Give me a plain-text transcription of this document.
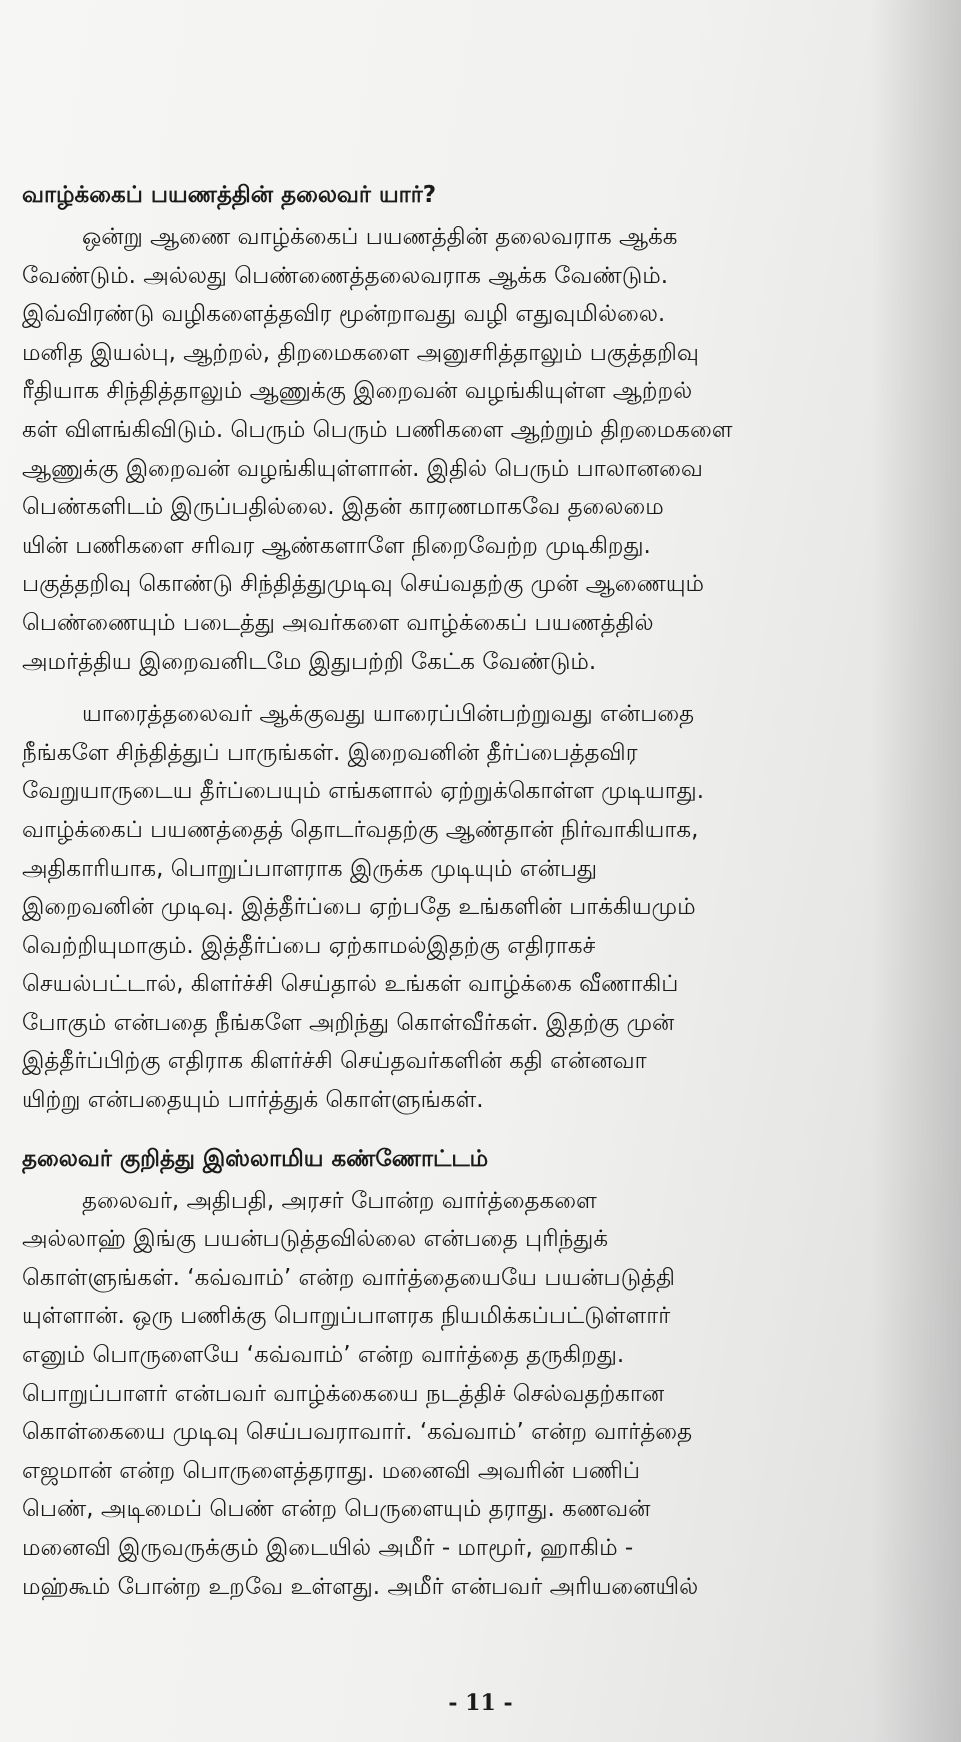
வாழ்க்கைப் பயணத்தின் தலைவர் யார்?
ஒன்று ஆணை வாழ்க்கைப் பயணத்தின் தலைவராக ஆக்க
வேண்டும். அல்லது பெண்ணைத்தலைவராக ஆக்க வேண்டும்.
இவ்விரண்டு வழிகளைத்தவிர மூன்றாவது வழி எதுவுமில்லை.
மனித இயல்பு, ஆற்றல், திறமைகளை அனுசரித்தாலும் பகுத்தறிவு
ரீதியாக சிந்தித்தாலும் ஆணுக்கு இறைவன் வழங்கியுள்ள ஆற்றல்
கள் விளங்கிவிடும். பெரும் பெரும் பணிகளை ஆற்றும் திறமைகளை
ஆணுக்கு இறைவன் வழங்கியுள்ளான். இதில் பெரும் பாலானவை
பெண்களிடம் இருப்பதில்லை. இதன் காரணமாகவே தலைமை
யின் பணிகளை சரிவர ஆண்களாளே நிறைவேற்ற முடிகிறது.
பகுத்தறிவு கொண்டு சிந்தித்துமுடிவு செய்வதற்கு முன் ஆணையும்
பெண்ணையும் படைத்து அவர்களை வாழ்க்கைப் பயணத்தில்
அமர்த்திய இறைவனிடமே இதுபற்றி கேட்க வேண்டும்.
யாரைத்தலைவர் ஆக்குவது யாரைப்பின்பற்றுவது என்பதை
நீங்களே சிந்தித்துப் பாருங்கள். இறைவனின் தீர்ப்பைத்தவிர
வேறுயாருடைய தீர்ப்பையும் எங்களால் ஏற்றுக்கொள்ள முடியாது.
வாழ்க்கைப் பயணத்தைத் தொடர்வதற்கு ஆண்தான் நிர்வாகியாக,
அதிகாரியாக, பொறுப்பாளராக இருக்க முடியும் என்பது
இறைவனின் முடிவு. இத்தீர்ப்பை ஏற்பதே உங்களின் பாக்கியமும்
வெற்றியுமாகும். இத்தீர்ப்பை ஏற்காமல்இதற்கு எதிராகச்
செயல்பட்டால், கிளர்ச்சி செய்தால் உங்கள் வாழ்க்கை வீணாகிப்
போகும் என்பதை நீங்களே அறிந்து கொள்வீர்கள். இதற்கு முன்
இத்தீர்ப்பிற்கு எதிராக கிளர்ச்சி செய்தவர்களின் கதி என்னவா
யிற்று என்பதையும் பார்த்துக் கொள்ளுங்கள்.
தலைவர் குறித்து இஸ்லாமிய கண்ணோட்டம்
தலைவர், அதிபதி, அரசர் போன்ற வார்த்தைகளை
அல்லாஹ் இங்கு பயன்படுத்தவில்லை என்பதை புரிந்துக்
கொள்ளுங்கள். ‘கவ்வாம்’ என்ற வார்த்தையையே பயன்படுத்தி
யுள்ளான். ஒரு பணிக்கு பொறுப்பாளரக நியமிக்கப்பட்டுள்ளார்
எனும் பொருளையே ‘கவ்வாம்’ என்ற வார்த்தை தருகிறது.
பொறுப்பாளர் என்பவர் வாழ்க்கையை நடத்திச் செல்வதற்கான
கொள்கையை முடிவு செய்பவராவார். ‘கவ்வாம்’ என்ற வார்த்தை
எஜமான் என்ற பொருளைத்தராது. மனைவி அவரின் பணிப்
பெண், அடிமைப் பெண் என்ற பெருளையும் தராது. கணவன்
மனைவி இருவருக்கும் இடையில் அமீர் - மாமூர், ஹாகிம் -
மஹ்கூம் போன்ற உறவே உள்ளது. அமீர் என்பவர் அரியனையில்
- 11 -
